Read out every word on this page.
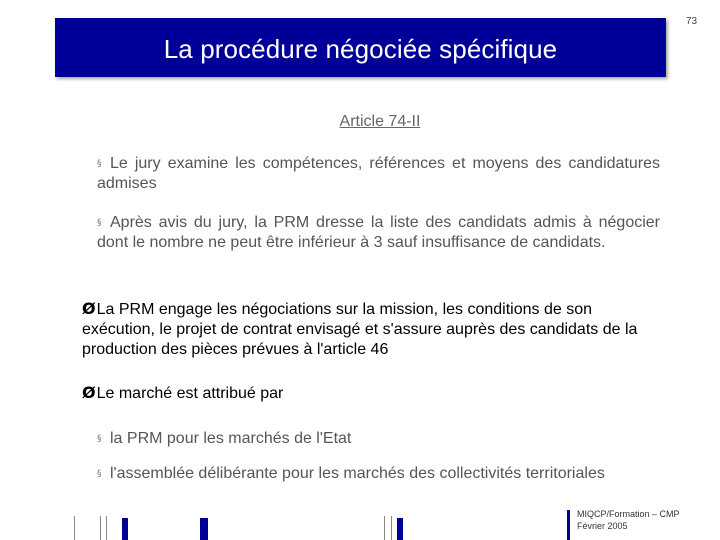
La procédure négociée spécifique
73
Article 74-II
§ Le jury examine les compétences, références et moyens des candidatures admises
§ Après avis du jury, la PRM dresse la liste des candidats admis à négocier dont le nombre ne peut être inférieur à 3 sauf insuffisance de candidats.
ØLa PRM engage les négociations sur la mission, les conditions de son exécution, le projet de contrat envisagé et s'assure auprès des candidats de la production des pièces prévues à l'article 46
ØLe marché est attribué par
§ la PRM pour les marchés de l'Etat
§ l'assemblée délibérante pour les marchés des collectivités territoriales
MIQCP/Formation – CMP
Février 2005
